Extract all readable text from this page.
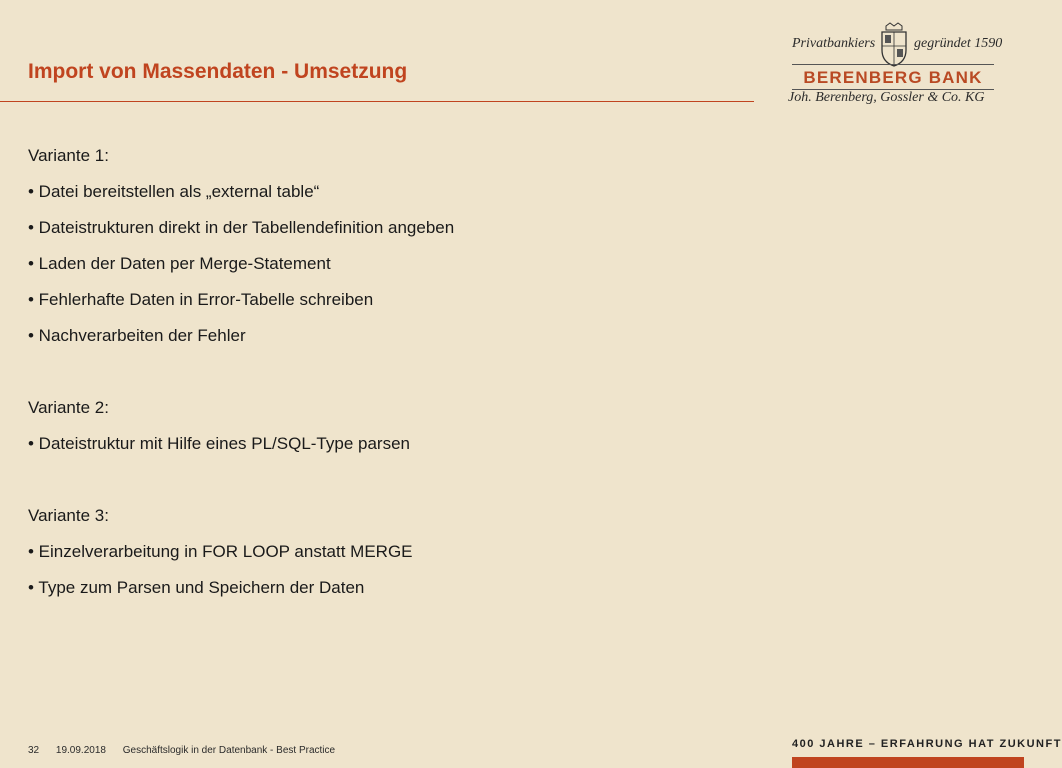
Import von Massendaten - Umsetzung
Privatbankiers	gegründet 1590
BERENBERG BANK
Joh. Berenberg, Gossler & Co. KG
Variante 1:
• Datei bereitstellen als „external table“
• Dateistrukturen direkt in der Tabellendefinition angeben
• Laden der Daten per Merge-Statement
• Fehlerhafte Daten in Error-Tabelle schreiben
• Nachverarbeiten der Fehler
Variante 2:
• Dateistruktur mit Hilfe eines PL/SQL-Type parsen
Variante 3:
• Einzelverarbeitung in FOR LOOP anstatt MERGE
• Type zum Parsen und Speichern der Daten
32 19.09.2018 Geschäftslogik in der Datenbank - Best Practice
400 JAHRE – ERFAHRUNG HAT ZUKUNFT
